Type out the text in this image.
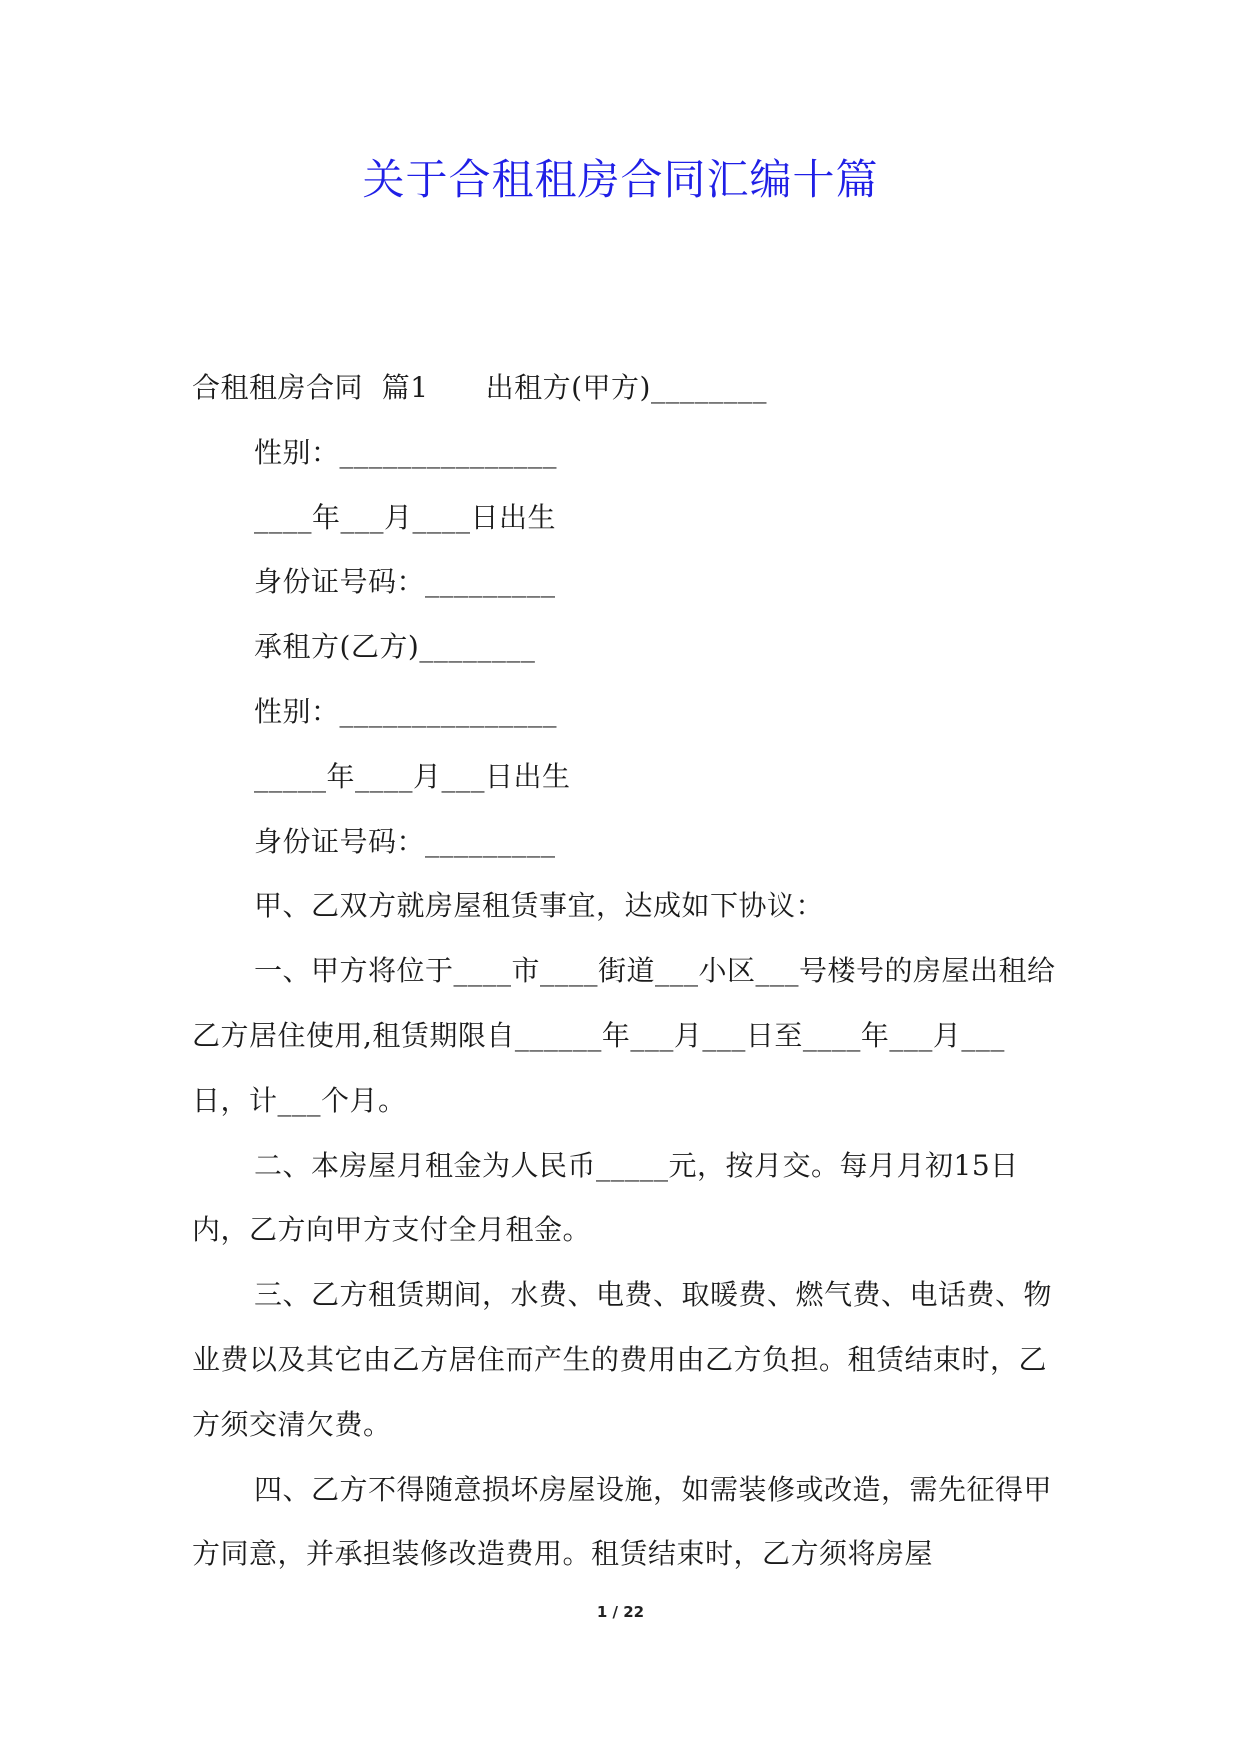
关于合租租房合同汇编十篇

合租租房合同  篇1　　出租方(甲方)________

性别：_______________

____年___月____日出生

身份证号码：_________

承租方(乙方)________

性别：_______________

_____年____月___日出生

身份证号码：_________

甲、乙双方就房屋租赁事宜，达成如下协议：

一、甲方将位于____市____街道___小区___号楼号的房屋出租给乙方居住使用,租赁期限自______年___月___日至____年___月___日，计___个月。

二、本房屋月租金为人民币_____元，按月交。每月月初15日内，乙方向甲方支付全月租金。

三、乙方租赁期间，水费、电费、取暖费、燃气费、电话费、物业费以及其它由乙方居住而产生的费用由乙方负担。租赁结束时，乙方须交清欠费。

四、乙方不得随意损坏房屋设施，如需装修或改造，需先征得甲方同意，并承担装修改造费用。租赁结束时，乙方须将房屋

1 / 22
